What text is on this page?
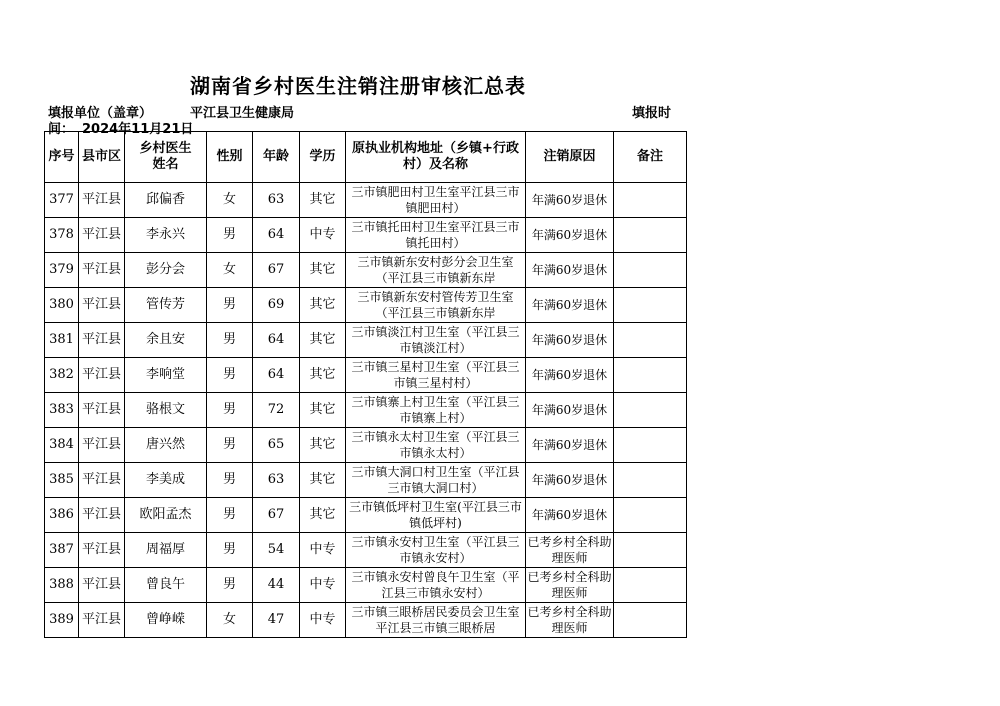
湖南省乡村医生注销注册审核汇总表
填报单位（盖章）	平江县卫生健康局	填报时
间： 2024年11月21日
序号	县市区	乡村医生姓名	性别	年龄	学历	原执业机构地址（乡镇+行政村）及名称	注销原因	备注
377	平江县	邱偏香	女	63	其它	三市镇肥田村卫生室平江县三市镇肥田村）	年满60岁退休	

378	平江县	李永兴	男	64	中专	三市镇托田村卫生室平江县三市镇托田村）	年满60岁退休	

379	平江县	彭分会	女	67	其它	三市镇新东安村彭分会卫生室（平江县三市镇新东岸	年满60岁退休	

380	平江县	管传芳	男	69	其它	三市镇新东安村管传芳卫生室（平江县三市镇新东岸	年满60岁退休	

381	平江县	余且安	男	64	其它	三市镇淡江村卫生室（平江县三市镇淡江村）	年满60岁退休	

382	平江县	李响堂	男	64	其它	三市镇三星村卫生室（平江县三市镇三星村村）	年满60岁退休	

383	平江县	骆根文	男	72	其它	三市镇寨上村卫生室（平江县三市镇寨上村）	年满60岁退休	

384	平江县	唐兴然	男	65	其它	三市镇永太村卫生室（平江县三市镇永太村）	年满60岁退休	

385	平江县	李美成	男	63	其它	三市镇大洞口村卫生室（平江县三市镇大洞口村）	年满60岁退休	

386	平江县	欧阳孟杰	男	67	其它	三市镇低坪村卫生室(平江县三市镇低坪村)	年满60岁退休	

387	平江县	周福厚	男	54	中专	三市镇永安村卫生室（平江县三市镇永安村）	已考乡村全科助理医师	

388	平江县	曾良午	男	44	中专	三市镇永安村曾良午卫生室（平江县三市镇永安村）	已考乡村全科助理医师	

389	平江县	曾峥嵘	女	47	中专	三市镇三眼桥居民委员会卫生室平江县三市镇三眼桥居	已考乡村全科助理医师	
